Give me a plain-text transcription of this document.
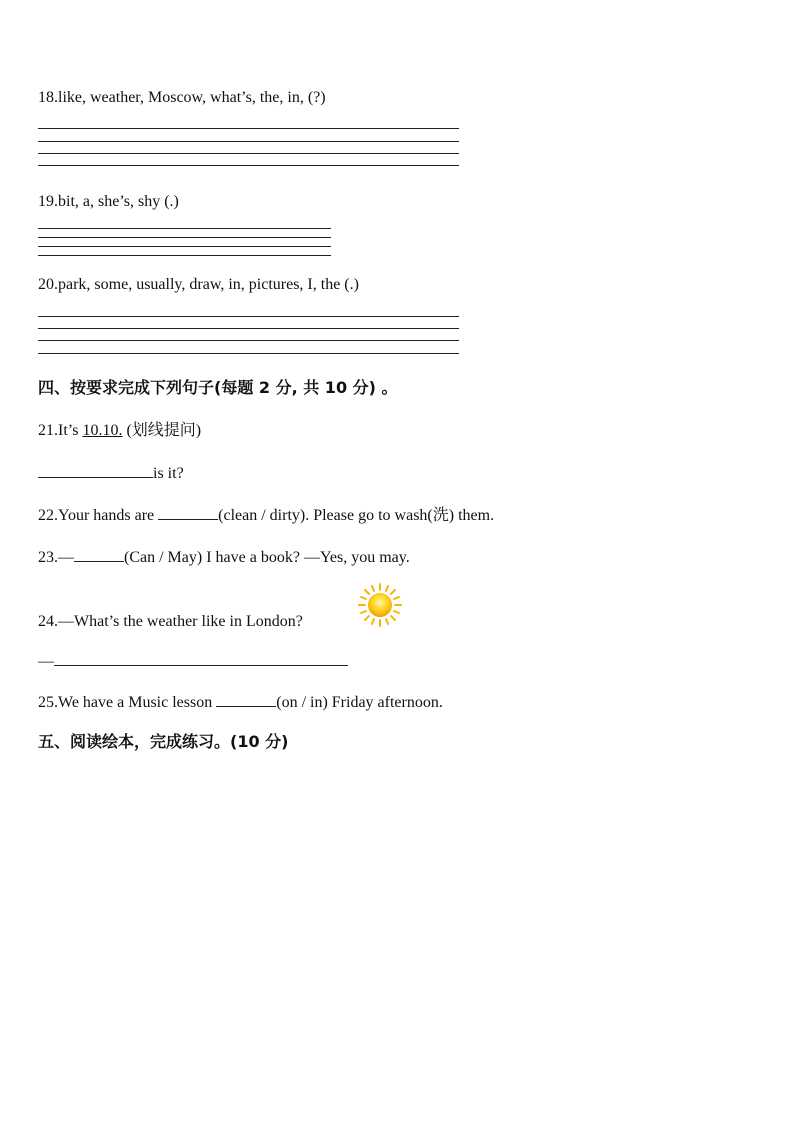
18.like, weather, Moscow, what’s, the, in, (?)
19.bit, a, she’s, shy (.)
20.park, some, usually, draw, in, pictures, I, the (.)
四、按要求完成下列句子(每题 2 分, 共 10 分) 。
21.It’s 10.10. (划线提问)
is it?
22.Your hands are	(clean / dirty). Please go to wash(洗) them.
23.—	(Can / May) I have a book? —Yes, you may.
24.—What’s the weather like in London?
—
25.We have a Music lesson	(on / in) Friday afternoon.
五、阅读绘本，完成练习。(10 分)
